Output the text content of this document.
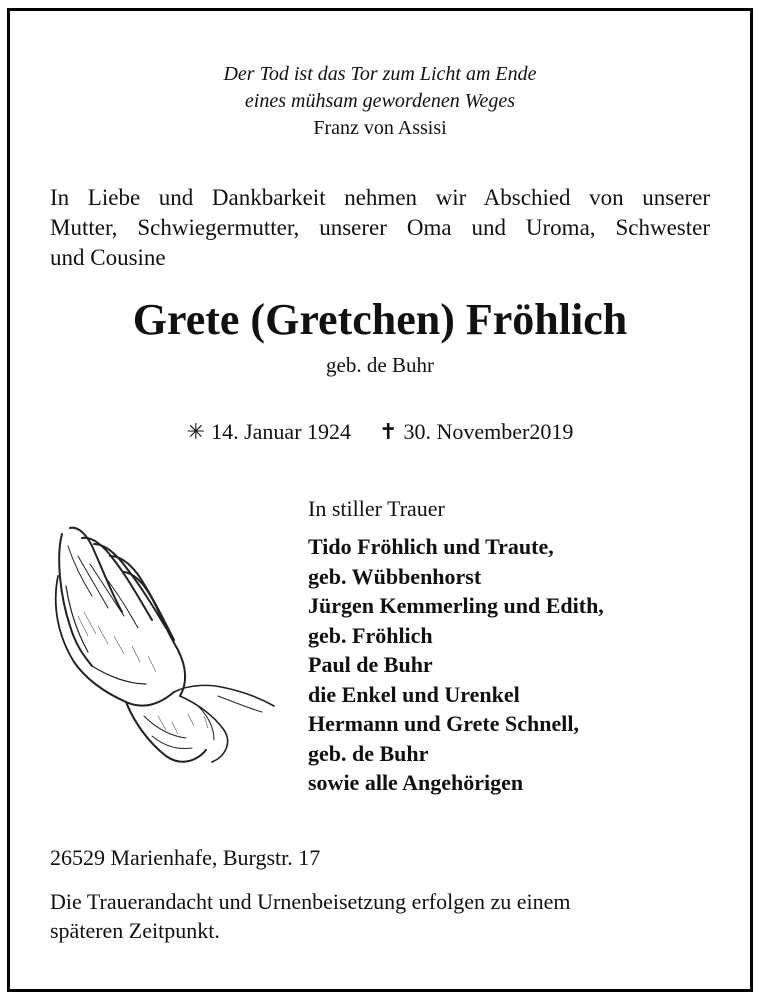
Der Tod ist das Tor zum Licht am Ende
eines mühsam gewordenen Weges
Franz von Assisi
In Liebe und Dankbarkeit nehmen wir Abschied von unserer
Mutter, Schwiegermutter, unserer Oma und Uroma, Schwester
und Cousine
Grete (Gretchen) Fröhlich
geb. de Buhr
✳ 14. Januar 1924 ✝ 30. November2019
In stiller Trauer
Tido Fröhlich und Traute,
geb. Wübbenhorst
Jürgen Kemmerling und Edith,
geb. Fröhlich
Paul de Buhr
die Enkel und Urenkel
Hermann und Grete Schnell,
geb. de Buhr
sowie alle Angehörigen
26529 Marienhafe, Burgstr. 17
Die Trauerandacht und Urnenbeisetzung erfolgen zu einem
späteren Zeitpunkt.
